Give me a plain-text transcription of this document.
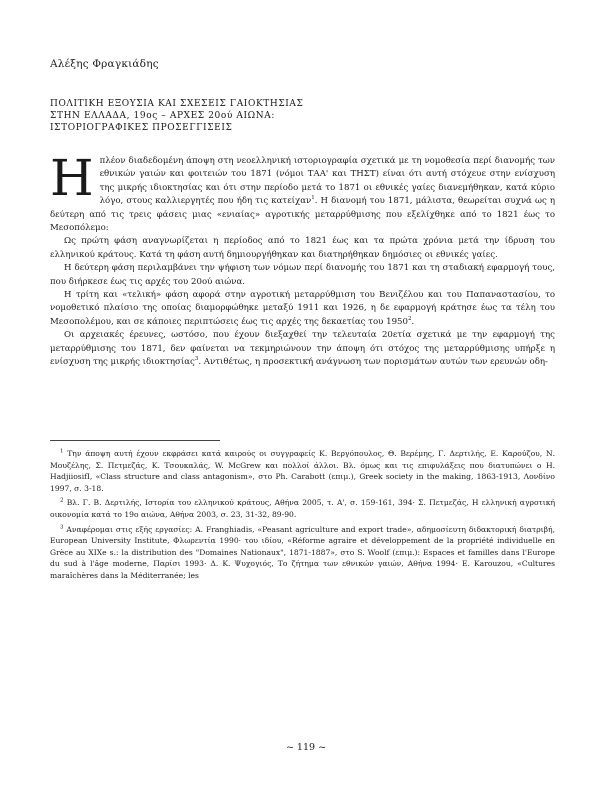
Αλέξης Φραγκιάδης
ΠΟΛΙΤΙΚΗ ΕΞΟΥΣΙΑ ΚΑΙ ΣΧΕΣΕΙΣ ΓΑΙΟΚΤΗΣΙΑΣ
ΣΤΗΝ ΕΛΛΑΔΑ, 19ος – ΑΡΧΕΣ 20ού ΑΙΩΝΑ:
ΙΣΤΟΡΙΟΓΡΑΦΙΚΕΣ ΠΡΟΣΕΓΓΙΣΕΙΣ

Ηπλέον διαδεδομένη άποψη στη νεοελληνική ιστοριογραφία σχετικά με τη νομοθεσία περί διανομής των εθνικών γαιών και φοιτειών του 1871 (νόμοι ΤΑΑ' και ΤΗΣΤ) είναι ότι αυτή στόχευε στην ενίσχυση της μικρής ιδιοκτησίας και ότι στην περίοδο μετά το 1871 οι εθνικές γαίες διανεμήθηκαν, κατά κύριο λόγο, στους καλλιεργητές που ήδη τις κατείχαν$^1$. Η διανομή του 1871, μάλιστα, θεωρείται συχνά ως η δεύτερη από τις τρεις φάσεις μιας «ενιαίας» αγροτικής μεταρρύθμισης που εξελίχθηκε από το 1821 έως το Μεσοπόλεμο:

Ως πρώτη φάση αναγνωρίζεται η περίοδος από το 1821 έως και τα πρώτα χρόνια μετά την ίδρυση του ελληνικού κράτους. Κατά τη φάση αυτή δημιουργήθηκαν και διατηρήθηκαν δημόσιες οι εθνικές γαίες.

Η δεύτερη φάση περιλαμβάνει την ψήφιση των νόμων περί διανομής του 1871 και τη σταδιακή εφαρμογή τους, που διήρκεσε έως τις αρχές του 20ού αιώνα.

Η τρίτη και «τελική» φάση αφορά στην αγροτική μεταρρύθμιση του Βενιζέλου και του Παπαναστασίου, το νομοθετικό πλαίσιο της οποίας διαμορφώθηκε μεταξύ 1911 και 1926, η δε εφαρμογή κράτησε έως τα τέλη του Μεσοπολέμου, και σε κάποιες περιπτώσεις έως τις αρχές της δεκαετίας του 1950$^2$.

Οι αρχειακές έρευνες, ωστόσο, που έχουν διεξαχθεί την τελευταία 20ετία σχετικά με την εφαρμογή της μεταρρύθμισης του 1871, δεν φαίνεται να τεκμηριώνουν την άποψη ότι στόχος της μεταρρύθμισης υπήρξε η ενίσχυση της μικρής ιδιοκτησίας$^3$. Αντιθέτως, η προσεκτική ανάγνωση των πορισμάτων αυτών των ερευνών οδη-

$^1$ Την άποψη αυτή έχουν εκφράσει κατά καιρούς οι συγγραφείς Κ. Βεργόπουλος, Θ. Βερέμης, Γ. Δερτιλής, Ε. Καρούζου, Ν. Μουζέλης, Σ. Πετμεζάς, Κ. Τσουκαλάς, W. McGrew και πολλοί άλλοι. Βλ. όμως και τις επιφυλάξεις που διατυπώνει ο Η. HadjiiosifI, «Class structure and class antagonism», στο Ph. Carabott (επιμ.), Greek society in the making, 1863-1913, Λονδίνο 1997, σ. 3-18.

$^2$ Βλ. Γ. Β. Δερτιλής, Ιστορία του ελληνικού κράτους, Αθήνα 2005, τ. Α', σ. 159-161, 394· Σ. Πετμεζάς, Η ελληνική αγροτική οικονομία κατά το 19ο αιώνα, Αθήνα 2003, σ. 23, 31-32, 89-90.

$^3$ Αναφέρομαι στις εξής εργασίες: A. Franghiadis, «Peasant agriculture and export trade», αδημοσίευτη διδακτορική διατριβή, European University Institute, Φλωρεντία 1990· του ιδίου, «Réforme agraire et développement de la propriété individuelle en Grèce au XIXe s.: la distribution des "Domaines Nationaux", 1871-1887», στο S. Woolf (επιμ.): Espaces et familles dans l'Europe du sud à l'âge moderne, Παρίσι 1993· Δ. Κ. Ψυχογιός, Το ζήτημα των εθνικών γαιών, Αθήνα 1994· Ε. Karouzou, «Cultures maraîchères dans la Méditerranée; les

~ 119 ~
